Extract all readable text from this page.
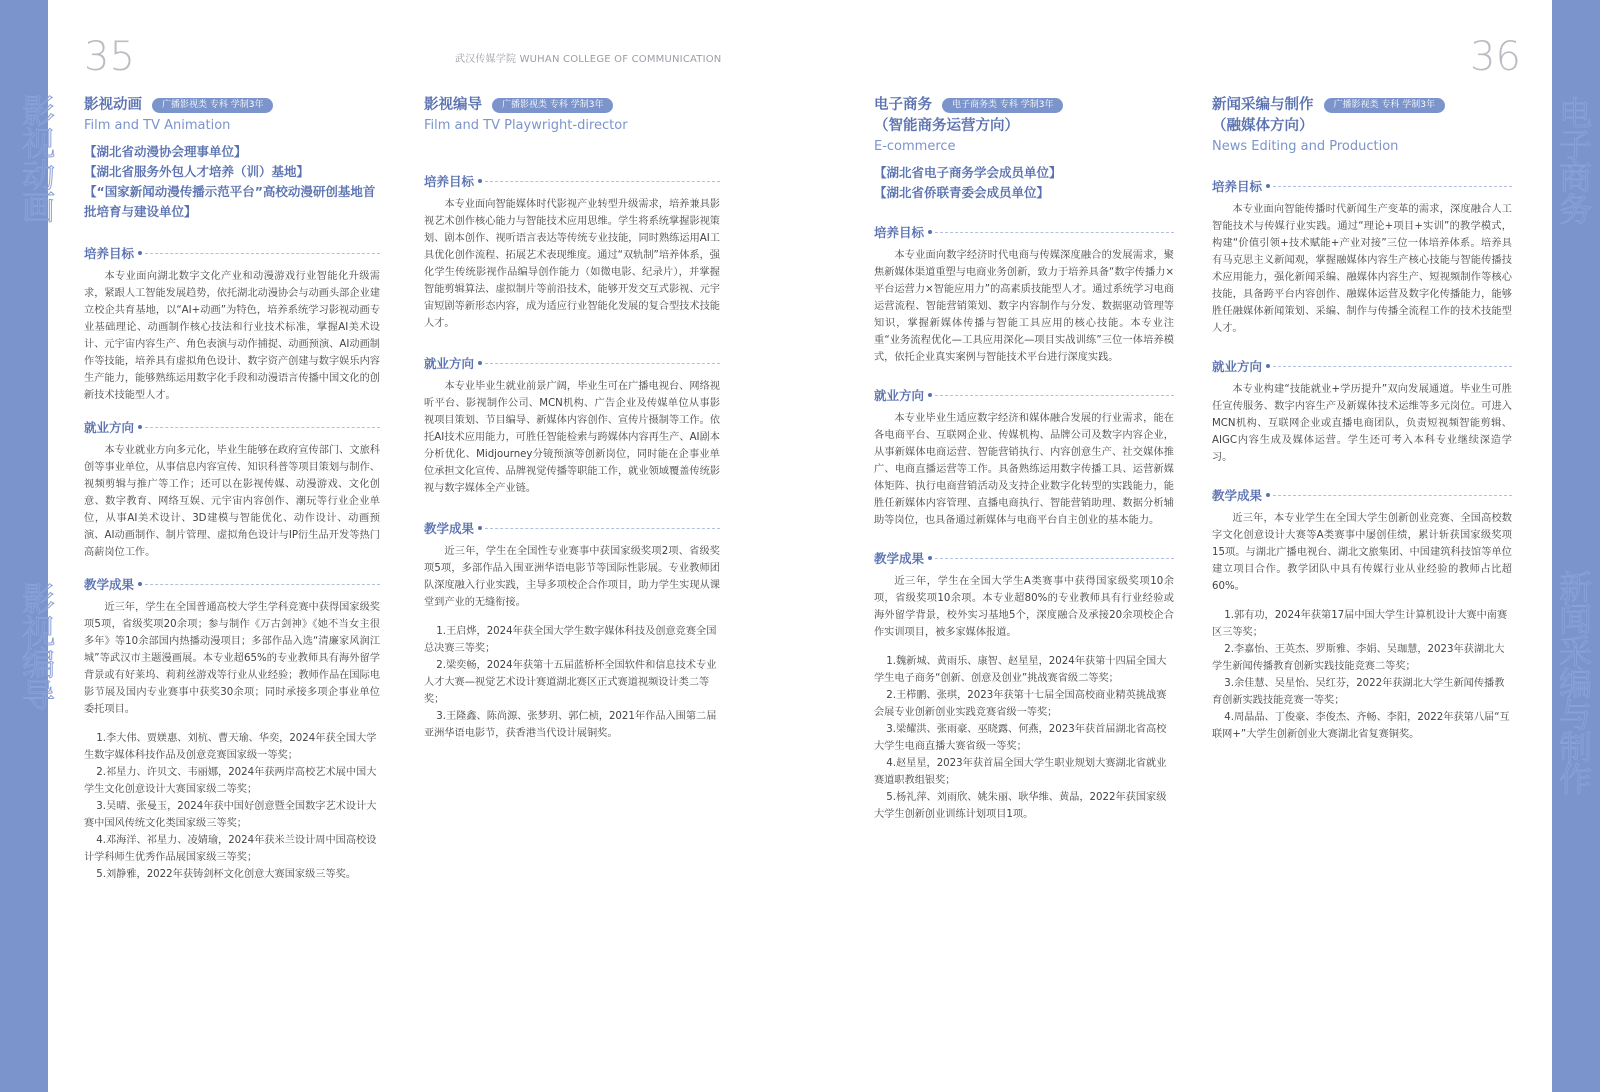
影视动画
影视编导
电子商务
新闻采编与制作
35	36
武汉传媒学院 WUHAN COLLEGE OF COMMUNICATION
影视动画	广播影视类 专科 学制3年
Film and TV Animation
【湖北省动漫协会理事单位】
【湖北省服务外包人才培养（训）基地】
【“国家新闻动漫传播示范平台”高校动漫研创基地首批培育与建设单位】
培养目标
本专业面向湖北数字文化产业和动漫游戏行业智能化升级需求，紧跟人工智能发展趋势，依托湖北动漫协会与动画头部企业建立校企共育基地，以“AI+动画”为特色，培养系统学习影视动画专业基础理论、动画制作核心技法和行业技术标准，掌握AI美术设计、元宇宙内容生产、角色表演与动作捕捉、动画预演、AI动画制作等技能，培养具有虚拟角色设计、数字资产创建与数字娱乐内容生产能力，能够熟练运用数字化手段和动漫语言传播中国文化的创新技术技能型人才。
就业方向
本专业就业方向多元化，毕业生能够在政府宣传部门、文旅科创等事业单位，从事信息内容宣传、知识科普等项目策划与制作、视频剪辑与推广等工作；还可以在影视传媒、动漫游戏、文化创意、数字教育、网络互娱、元宇宙内容创作、潮玩等行业企业单位，从事AI美术设计、3D建模与智能优化、动作设计、动画预演、AI动画制作、制片管理、虚拟角色设计与IP衍生品开发等热门高薪岗位工作。
教学成果
近三年，学生在全国普通高校大学生学科竞赛中获得国家级奖项5项，省级奖项20余项；参与制作《万古剑神》《她不当女主很多年》等10余部国内热播动漫项目；多部作品入选“清廉家风润江城”等武汉市主题漫画展。本专业超65%的专业教师具有海外留学背景或有好莱坞、莉莉丝游戏等行业从业经验；教师作品在国际电影节展及国内专业赛事中获奖30余项；同时承接多项企事业单位委托项目。
1.李大伟、贾媄惠、刘杭、曹天瑜、华奕，2024年获全国大学生数字媒体科技作品及创意竞赛国家级一等奖；
2.祁星力、许贝文、韦丽娜，2024年获两岸高校艺术展中国大学生文化创意设计大赛国家级二等奖；
3.吴晴、张曼玉，2024年获中国好创意暨全国数字艺术设计大赛中国风传统文化类国家级三等奖；
4.邓海洋、祁星力、凌婧瑜，2024年获米兰设计周中国高校设计学科师生优秀作品展国家级三等奖；
5.刘静雅，2022年获铸剑杯文化创意大赛国家级三等奖。
影视编导	广播影视类 专科 学制3年
Film and TV Playwright-director
培养目标
本专业面向智能媒体时代影视产业转型升级需求，培养兼具影视艺术创作核心能力与智能技术应用思维。学生将系统掌握影视策划、剧本创作、视听语言表达等传统专业技能，同时熟练运用AI工具优化创作流程、拓展艺术表现维度。通过“双轨制”培养体系，强化学生传统影视作品编导创作能力（如微电影、纪录片），并掌握智能剪辑算法、虚拟制片等前沿技术，能够开发交互式影视、元宇宙短剧等新形态内容，成为适应行业智能化发展的复合型技术技能人才。
就业方向
本专业毕业生就业前景广阔，毕业生可在广播电视台、网络视听平台、影视制作公司、MCN机构、广告企业及传媒单位从事影视项目策划、节目编导、新媒体内容创作、宣传片摄制等工作。依托AI技术应用能力，可胜任智能检索与跨媒体内容再生产、AI剧本分析优化、Midjourney分镜预演等创新岗位，同时能在企事业单位承担文化宣传、品牌视觉传播等职能工作，就业领域覆盖传统影视与数字媒体全产业链。
教学成果
近三年，学生在全国性专业赛事中获国家级奖项2项、省级奖项5项，多部作品入围亚洲华语电影节等国际性影展。专业教师团队深度融入行业实践，主导多项校企合作项目，助力学生实现从课堂到产业的无缝衔接。
1.王启烨，2024年获全国大学生数字媒体科技及创意竞赛全国总决赛三等奖；
2.梁奕畅，2024年获第十五届蓝桥杯全国软件和信息技术专业人才大赛—视觉艺术设计赛道湖北赛区正式赛道视频设计类二等奖；
3.王隆鑫、陈尚源、张梦玥、郭仁桢，2021年作品入围第二届亚洲华语电影节，获香港当代设计展铜奖。
电子商务	电子商务类 专科 学制3年
（智能商务运营方向）
E-commerce
【湖北省电子商务学会成员单位】
【湖北省侨联青委会成员单位】
培养目标
本专业面向数字经济时代电商与传媒深度融合的发展需求，聚焦新媒体渠道重塑与电商业务创新，致力于培养具备“数字传播力×平台运营力×智能应用力”的高素质技能型人才。通过系统学习电商运营流程、智能营销策划、数字内容制作与分发、数据驱动管理等知识，掌握新媒体传播与智能工具应用的核心技能。本专业注重“业务流程优化—工具应用深化—项目实战训练”三位一体培养模式，依托企业真实案例与智能技术平台进行深度实践。
就业方向
本专业毕业生适应数字经济和媒体融合发展的行业需求，能在各电商平台、互联网企业、传媒机构、品牌公司及数字内容企业，从事新媒体电商运营、智能营销执行、内容创意生产、社交媒体推广、电商直播运营等工作。具备熟练运用数字传播工具、运营新媒体矩阵、执行电商营销活动及支持企业数字化转型的实践能力，能胜任新媒体内容管理、直播电商执行、智能营销助理、数据分析辅助等岗位，也具备通过新媒体与电商平台自主创业的基本能力。
教学成果
近三年，学生在全国大学生A类赛事中获得国家级奖项10余项，省级奖项10余项。本专业超80%的专业教师具有行业经验或海外留学背景，校外实习基地5个，深度融合及承接20余项校企合作实训项目，被多家媒体报道。
1.魏新城、黄雨乐、康智、赵星星，2024年获第十四届全国大学生电子商务“创新、创意及创业”挑战赛省级二等奖；
2.王栉鹏、张琪，2023年获第十七届全国高校商业精英挑战赛会展专业创新创业实践竞赛省级一等奖；
3.梁耀洪、张雨豪、巫晓露、何燕，2023年获首届湖北省高校大学生电商直播大赛省级一等奖；
4.赵星星，2023年获首届全国大学生职业规划大赛湖北省就业赛道职教组银奖；
5.杨礼萍、刘雨欣、姚朱丽、耿华维、黄晶，2022年获国家级大学生创新创业训练计划项目1项。
新闻采编与制作	广播影视类 专科 学制3年
（融媒体方向）
News Editing and Production
培养目标
本专业面向智能传播时代新闻生产变革的需求，深度融合人工智能技术与传媒行业实践。通过“理论+项目+实训”的教学模式，构建“价值引领+技术赋能+产业对接”三位一体培养体系。培养具有马克思主义新闻观，掌握融媒体内容生产核心技能与智能传播技术应用能力，强化新闻采编、融媒体内容生产、短视频制作等核心技能，具备跨平台内容创作、融媒体运营及数字化传播能力，能够胜任融媒体新闻策划、采编、制作与传播全流程工作的技术技能型人才。
就业方向
本专业构建“技能就业+学历提升”双向发展通道。毕业生可胜任宣传服务、数字内容生产及新媒体技术运维等多元岗位。可进入MCN机构、互联网企业或直播电商团队，负责短视频智能剪辑、AIGC内容生成及媒体运营。学生还可考入本科专业继续深造学习。
教学成果
近三年，本专业学生在全国大学生创新创业竞赛、全国高校数字文化创意设计大赛等A类赛事中屡创佳绩，累计斩获国家级奖项15项。与湖北广播电视台、湖北文旅集团、中国建筑科技馆等单位建立项目合作。教学团队中具有传媒行业从业经验的教师占比超60%。
1.郭有功，2024年获第17届中国大学生计算机设计大赛中南赛区三等奖；
2.李嘉怡、王英杰、罗斯雅、李娟、吴珈慧，2023年获湖北大学生新闻传播教育创新实践技能竞赛二等奖；
3.余佳慧、吴星怡、吴红芬，2022年获湖北大学生新闻传播教育创新实践技能竞赛一等奖；
4.周晶晶、丁俊豪、李俊杰、齐畅、李阳，2022年获第八届“互联网+”大学生创新创业大赛湖北省复赛铜奖。
